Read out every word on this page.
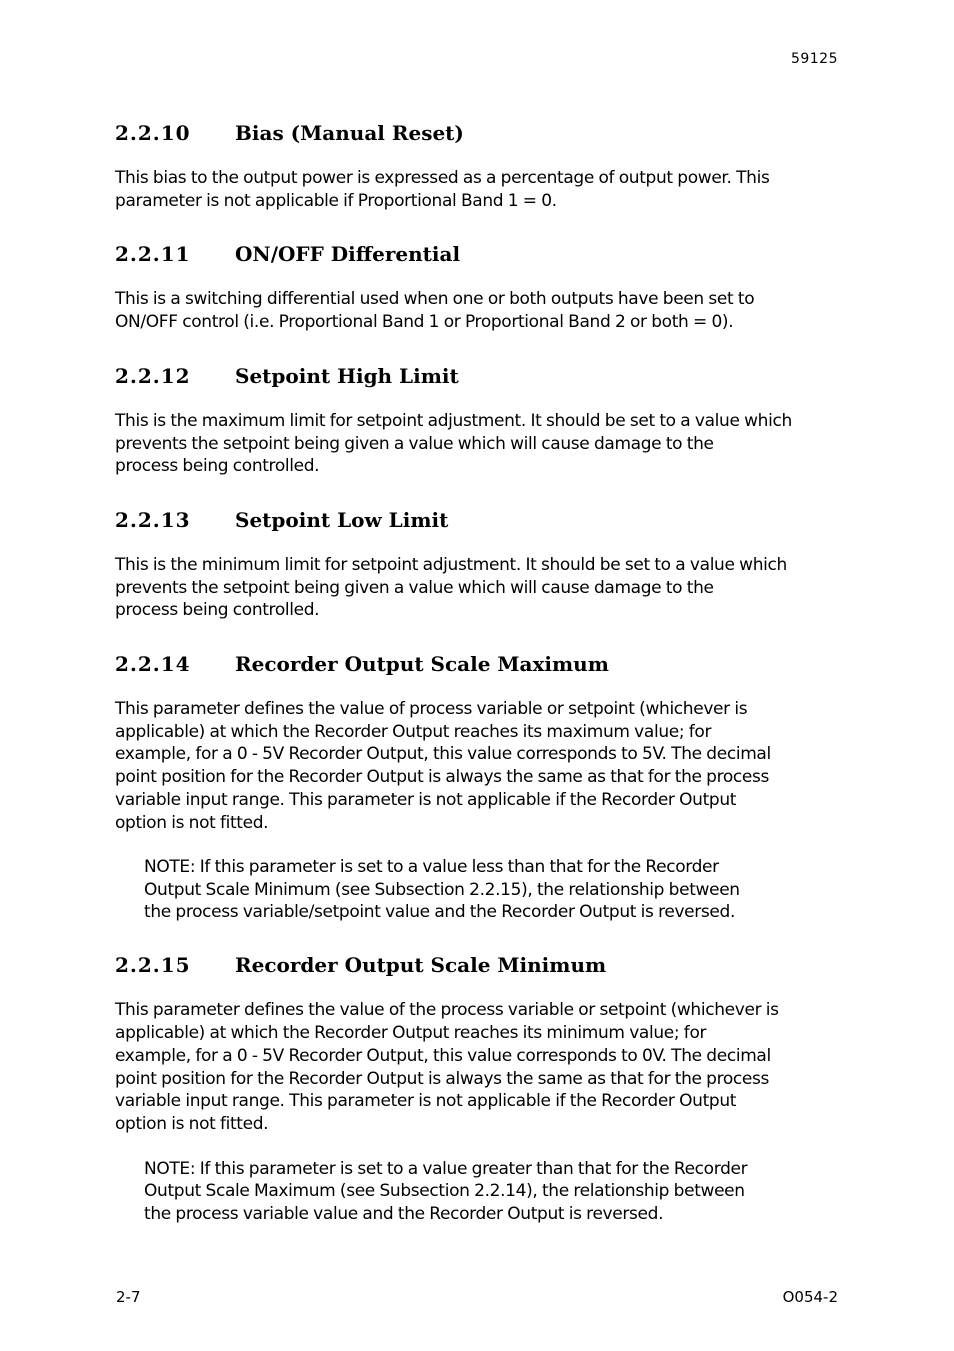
59125
2.2.10 Bias (Manual Reset)

This bias to the output power is expressed as a percentage of output power. This
parameter is not applicable if Proportional Band 1 = 0.

2.2.11 ON/OFF Differential

This is a switching differential used when one or both outputs have been set to
ON/OFF control (i.e. Proportional Band 1 or Proportional Band 2 or both = 0).

2.2.12 Setpoint High Limit

This is the maximum limit for setpoint adjustment. It should be set to a value which
prevents the setpoint being given a value which will cause damage to the
process being controlled.

2.2.13 Setpoint Low Limit

This is the minimum limit for setpoint adjustment. It should be set to a value which
prevents the setpoint being given a value which will cause damage to the
process being controlled.

2.2.14 Recorder Output Scale Maximum

This parameter defines the value of process variable or setpoint (whichever is
applicable) at which the Recorder Output reaches its maximum value; for
example, for a 0 - 5V Recorder Output, this value corresponds to 5V. The decimal
point position for the Recorder Output is always the same as that for the process
variable input range. This parameter is not applicable if the Recorder Output
option is not fitted.

NOTE: If this parameter is set to a value less than that for the Recorder
Output Scale Minimum (see Subsection 2.2.15), the relationship between
the process variable/setpoint value and the Recorder Output is reversed.

2.2.15 Recorder Output Scale Minimum

This parameter defines the value of the process variable or setpoint (whichever is
applicable) at which the Recorder Output reaches its minimum value; for
example, for a 0 - 5V Recorder Output, this value corresponds to 0V. The decimal
point position for the Recorder Output is always the same as that for the process
variable input range. This parameter is not applicable if the Recorder Output
option is not fitted.

NOTE: If this parameter is set to a value greater than that for the Recorder
Output Scale Maximum (see Subsection 2.2.14), the relationship between
the process variable value and the Recorder Output is reversed.

2-7	O054-2
